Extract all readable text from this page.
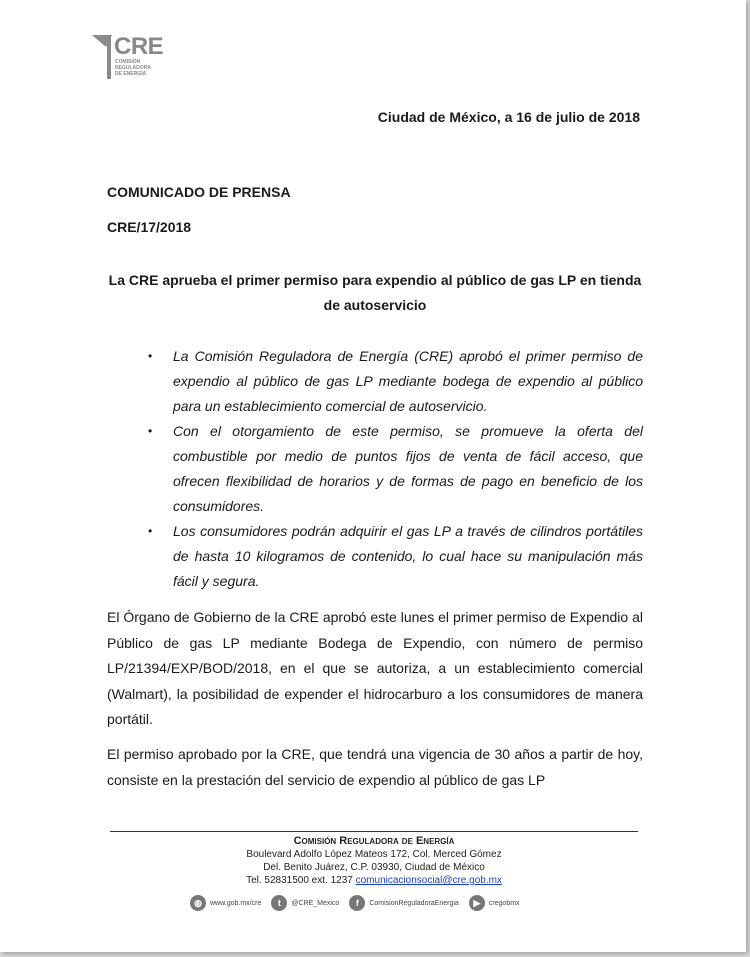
CRE
COMISIÓN
REGULADORA
DE ENERGÍA
Ciudad de México, a 16 de julio de 2018
COMUNICADO DE PRENSA
CRE/17/2018
La CRE aprueba el primer permiso para expendio al público de gas LP en tienda de autoservicio
• La Comisión Reguladora de Energía (CRE) aprobó el primer permiso de expendio al público de gas LP mediante bodega de expendio al público para un establecimiento comercial de autoservicio.
• Con el otorgamiento de este permiso, se promueve la oferta del combustible por medio de puntos fijos de venta de fácil acceso, que ofrecen flexibilidad de horarios y de formas de pago en beneficio de los consumidores.
• Los consumidores podrán adquirir el gas LP a través de cilindros portátiles de hasta 10 kilogramos de contenido, lo cual hace su manipulación más fácil y segura.

El Órgano de Gobierno de la CRE aprobó este lunes el primer permiso de Expendio al Público de gas LP mediante Bodega de Expendio, con número de permiso LP/21394/EXP/BOD/2018, en el que se autoriza, a un establecimiento comercial (Walmart), la posibilidad de expender el hidrocarburo a los consumidores de manera portátil.

El permiso aprobado por la CRE, que tendrá una vigencia de 30 años a partir de hoy, consiste en la prestación del servicio de expendio al público de gas LP

Comisión Reguladora de Energía
Boulevard Adolfo López Mateos 172, Col. Merced Gómez
Del. Benito Juárez, C.P. 03930, Ciudad de México
Tel. 52831500 ext. 1237 comunicacionsocial@cre.gob.mx
◍	www.gob.mx/cre	t	@CRE_Mexico	f	ComisionReguladoraEnergia	▶	cregobmx
